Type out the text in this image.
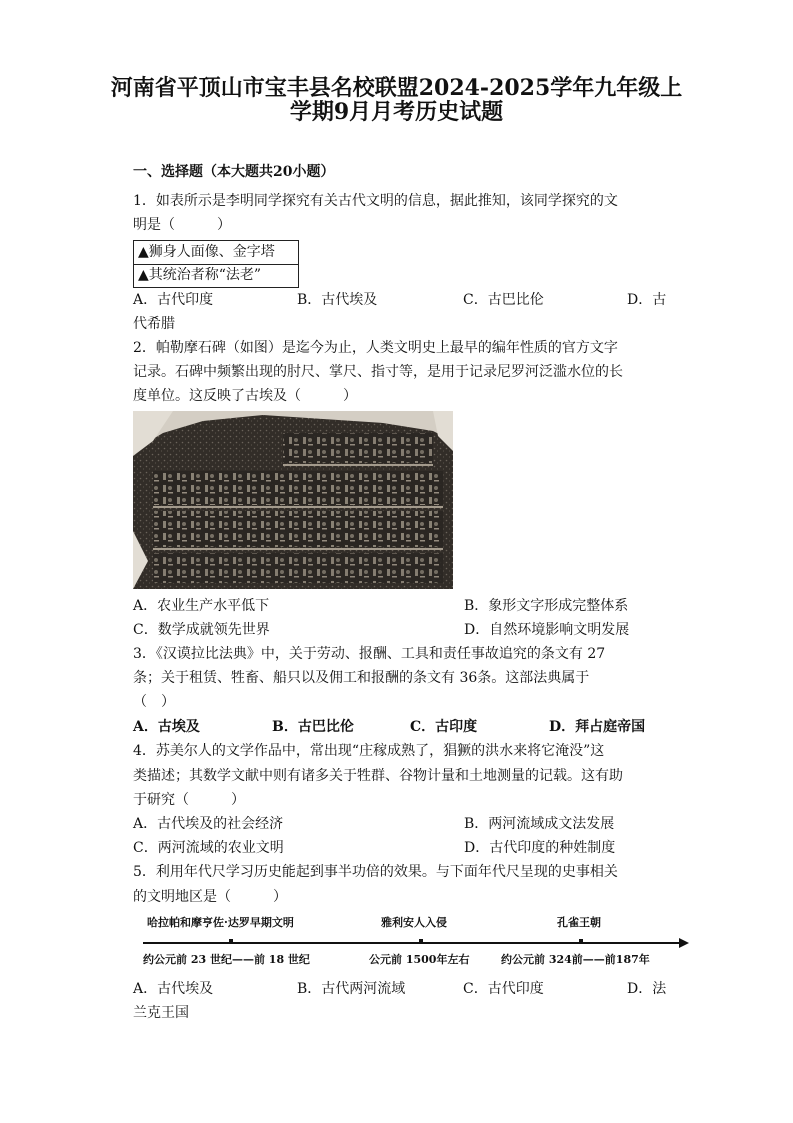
河南省平顶山市宝丰县名校联盟2024-2025学年九年级上
学期9月月考历史试题
一、选择题（本大题共20小题）
1．如表所示是李明同学探究有关古代文明的信息，据此推知，该同学探究的文
明是（　　　）
▲狮身人面像、金字塔
▲其统治者称“法老”
A．古代印度	B．古代埃及	C．古巴比伦	D．古
代希腊
2．帕勒摩石碑（如图）是迄今为止，人类文明史上最早的编年性质的官方文字
记录。石碑中频繁出现的肘尺、掌尺、指寸等，是用于记录尼罗河泛滥水位的长
度单位。这反映了古埃及（　　　）
A．农业生产水平低下	B．象形文字形成完整体系
C．数学成就领先世界	D．自然环境影响文明发展
3．《汉谟拉比法典》中，关于劳动、报酬、工具和责任事故追究的条文有 27
条；关于租赁、牲畜、船只以及佣工和报酬的条文有 36条。这部法典属于
（　）
A．古埃及	B．古巴比伦	C．古印度	D．拜占庭帝国
4．苏美尔人的文学作品中，常出现“庄稼成熟了，猖獗的洪水来将它淹没”这
类描述；其数学文献中则有诸多关于牲群、谷物计量和土地测量的记载。这有助
于研究（　　　）
A．古代埃及的社会经济	B．两河流域成文法发展
C．两河流域的农业文明	D．古代印度的种姓制度
5．利用年代尺学习历史能起到事半功倍的效果。与下面年代尺呈现的史事相关
的文明地区是（　　　）
哈拉帕和摩亨佐·达罗早期文明	雅利安人入侵	孔雀王朝
约公元前 23 世纪——前 18 世纪	公元前 1500年左右	约公元前 324前——前187年
A．古代埃及	B．古代两河流域	C．古代印度	D．法
兰克王国
